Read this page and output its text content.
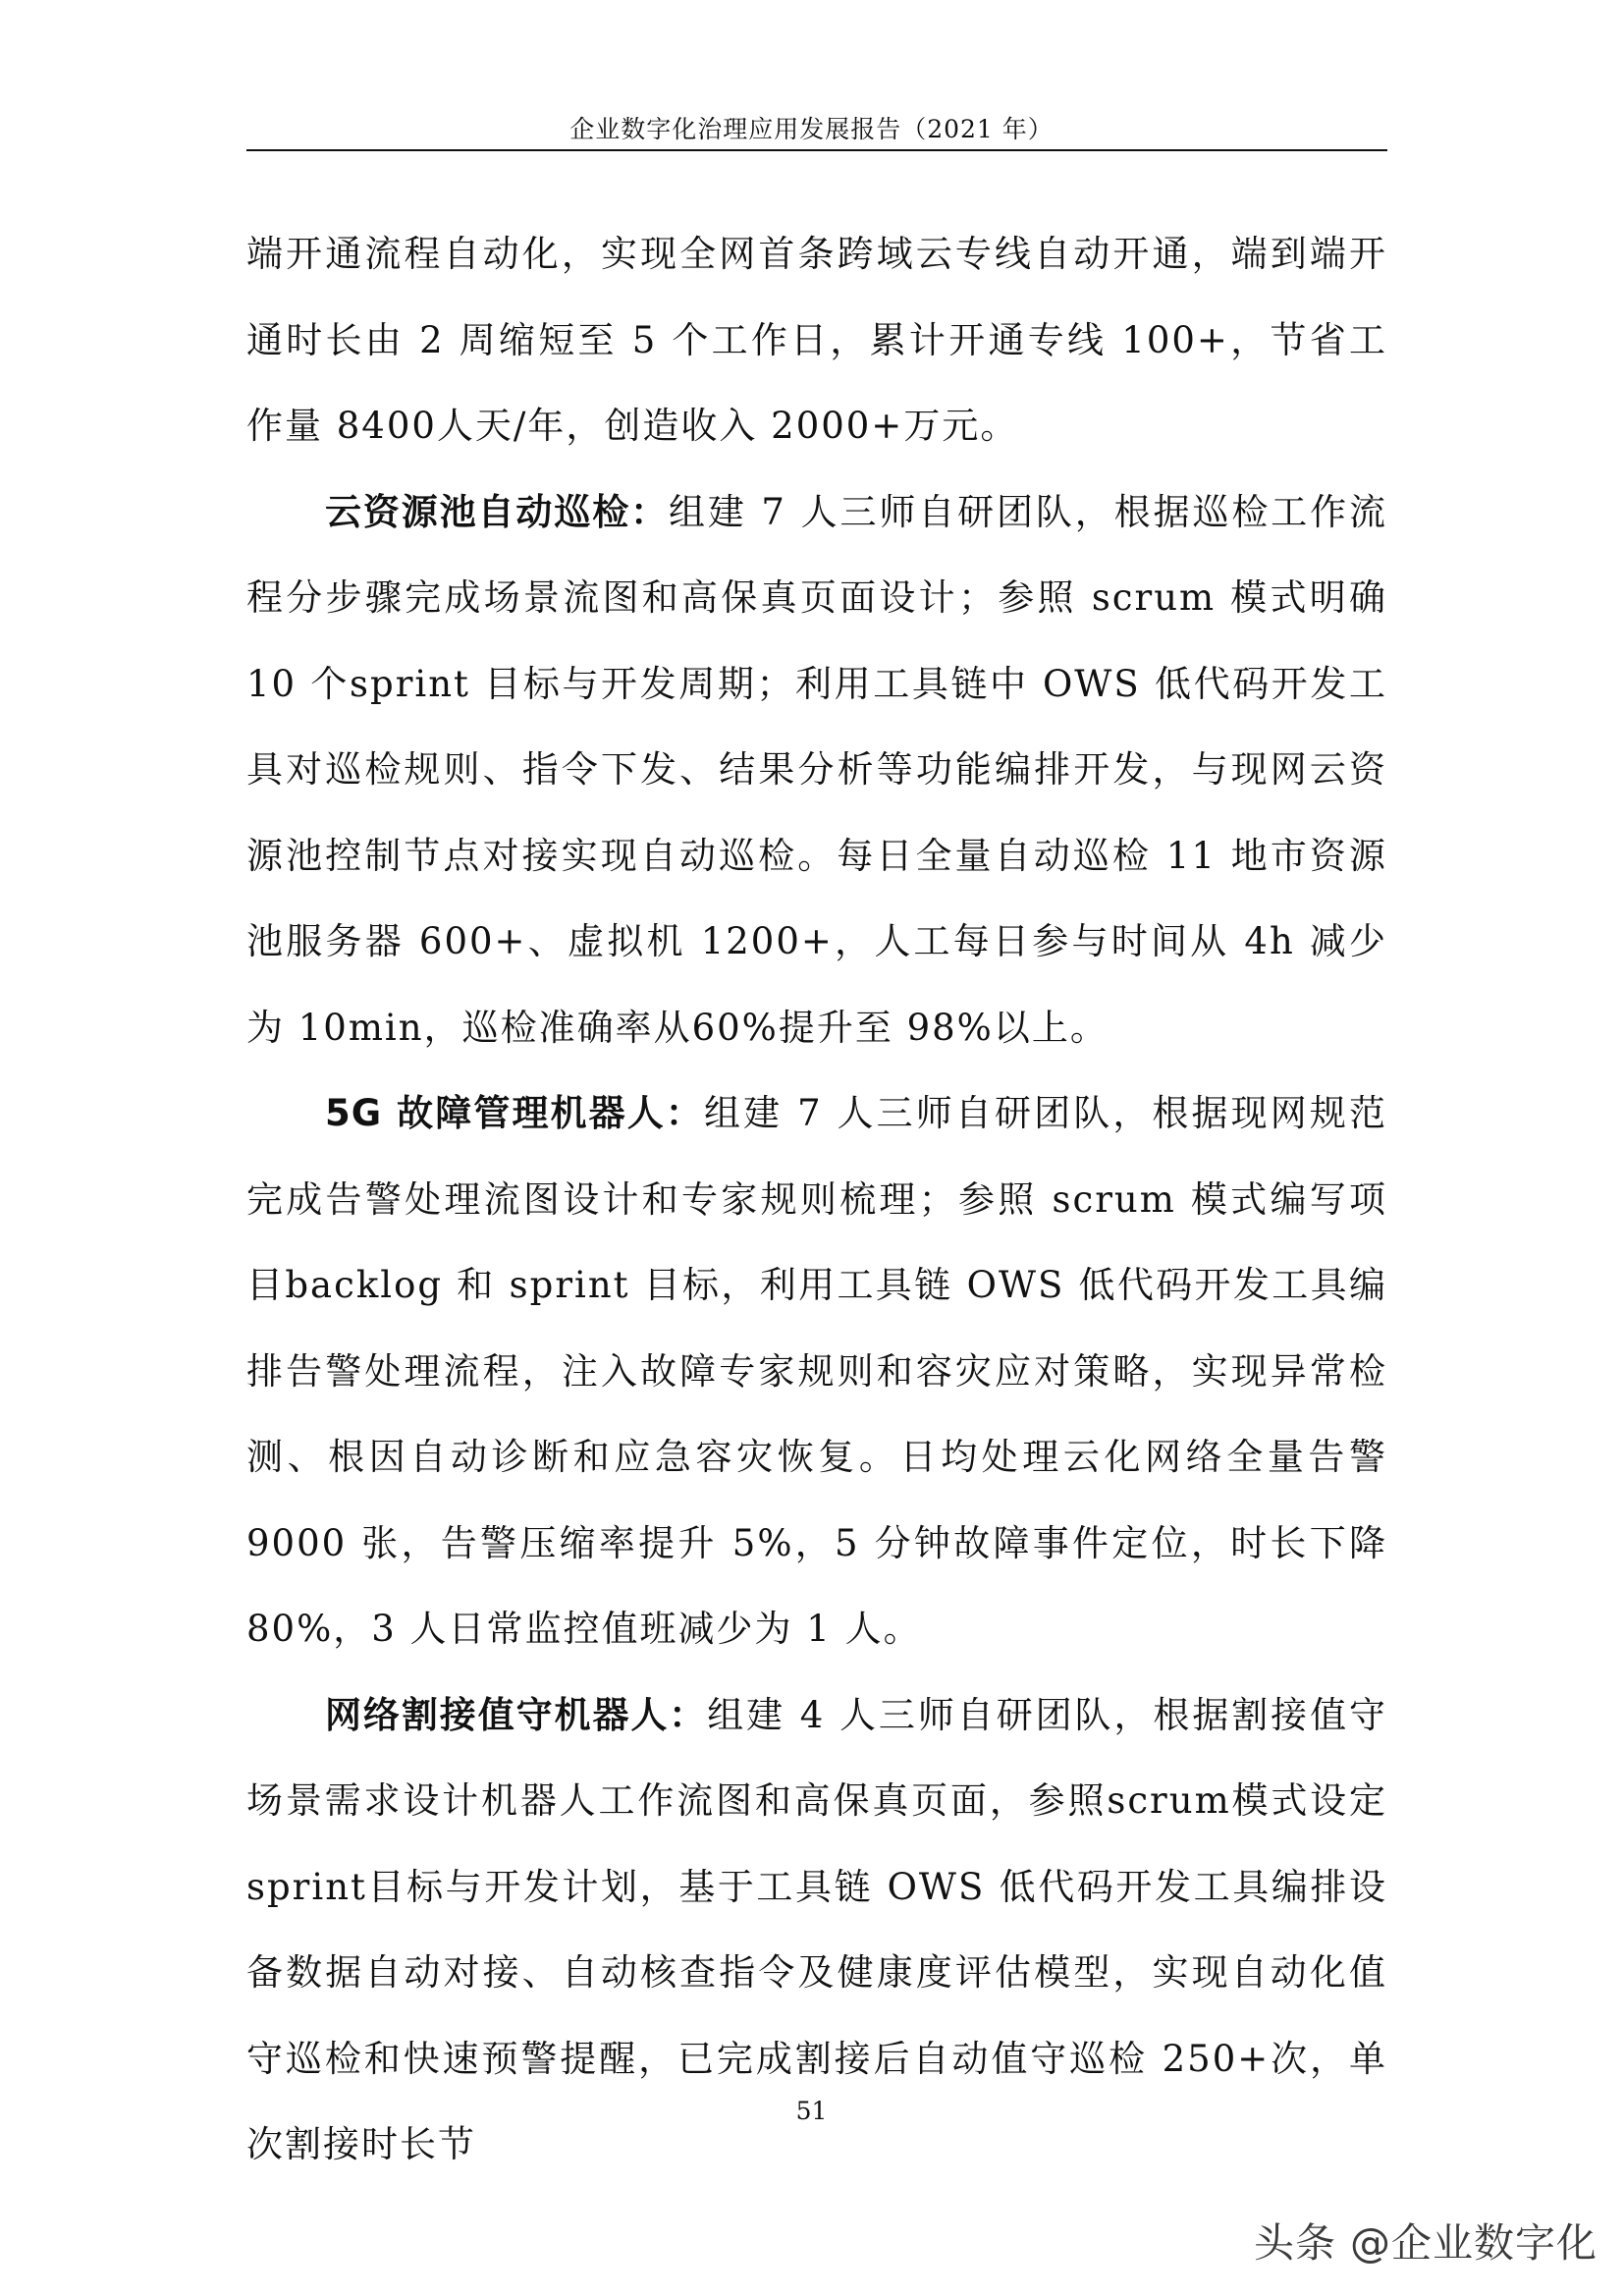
企业数字化治理应用发展报告（2021 年）

端开通流程自动化，实现全网首条跨域云专线自动开通，端到端开通时长由 2 周缩短至 5 个工作日，累计开通专线 100+，节省工作量 8400人天/年，创造收入 2000+万元。

云资源池自动巡检：组建 7 人三师自研团队，根据巡检工作流程分步骤完成场景流图和高保真页面设计；参照 scrum 模式明确 10 个sprint 目标与开发周期；利用工具链中 OWS 低代码开发工具对巡检规则、指令下发、结果分析等功能编排开发，与现网云资源池控制节点对接实现自动巡检。每日全量自动巡检 11 地市资源池服务器 600+、虚拟机 1200+，人工每日参与时间从 4h 减少为 10min，巡检准确率从60%提升至 98%以上。

5G 故障管理机器人：组建 7 人三师自研团队，根据现网规范完成告警处理流图设计和专家规则梳理；参照 scrum 模式编写项目backlog 和 sprint 目标，利用工具链 OWS 低代码开发工具编排告警处理流程，注入故障专家规则和容灾应对策略，实现异常检测、根因自动诊断和应急容灾恢复。日均处理云化网络全量告警 9000 张，告警压缩率提升 5%，5 分钟故障事件定位，时长下降 80%，3 人日常监控值班减少为 1 人。

网络割接值守机器人：组建 4 人三师自研团队，根据割接值守场景需求设计机器人工作流图和高保真页面，参照scrum模式设定sprint目标与开发计划，基于工具链 OWS 低代码开发工具编排设备数据自动对接、自动核查指令及健康度评估模型，实现自动化值守巡检和快速预警提醒，已完成割接后自动值守巡检 250+次，单次割接时长节

51
头条 @企业数字化
